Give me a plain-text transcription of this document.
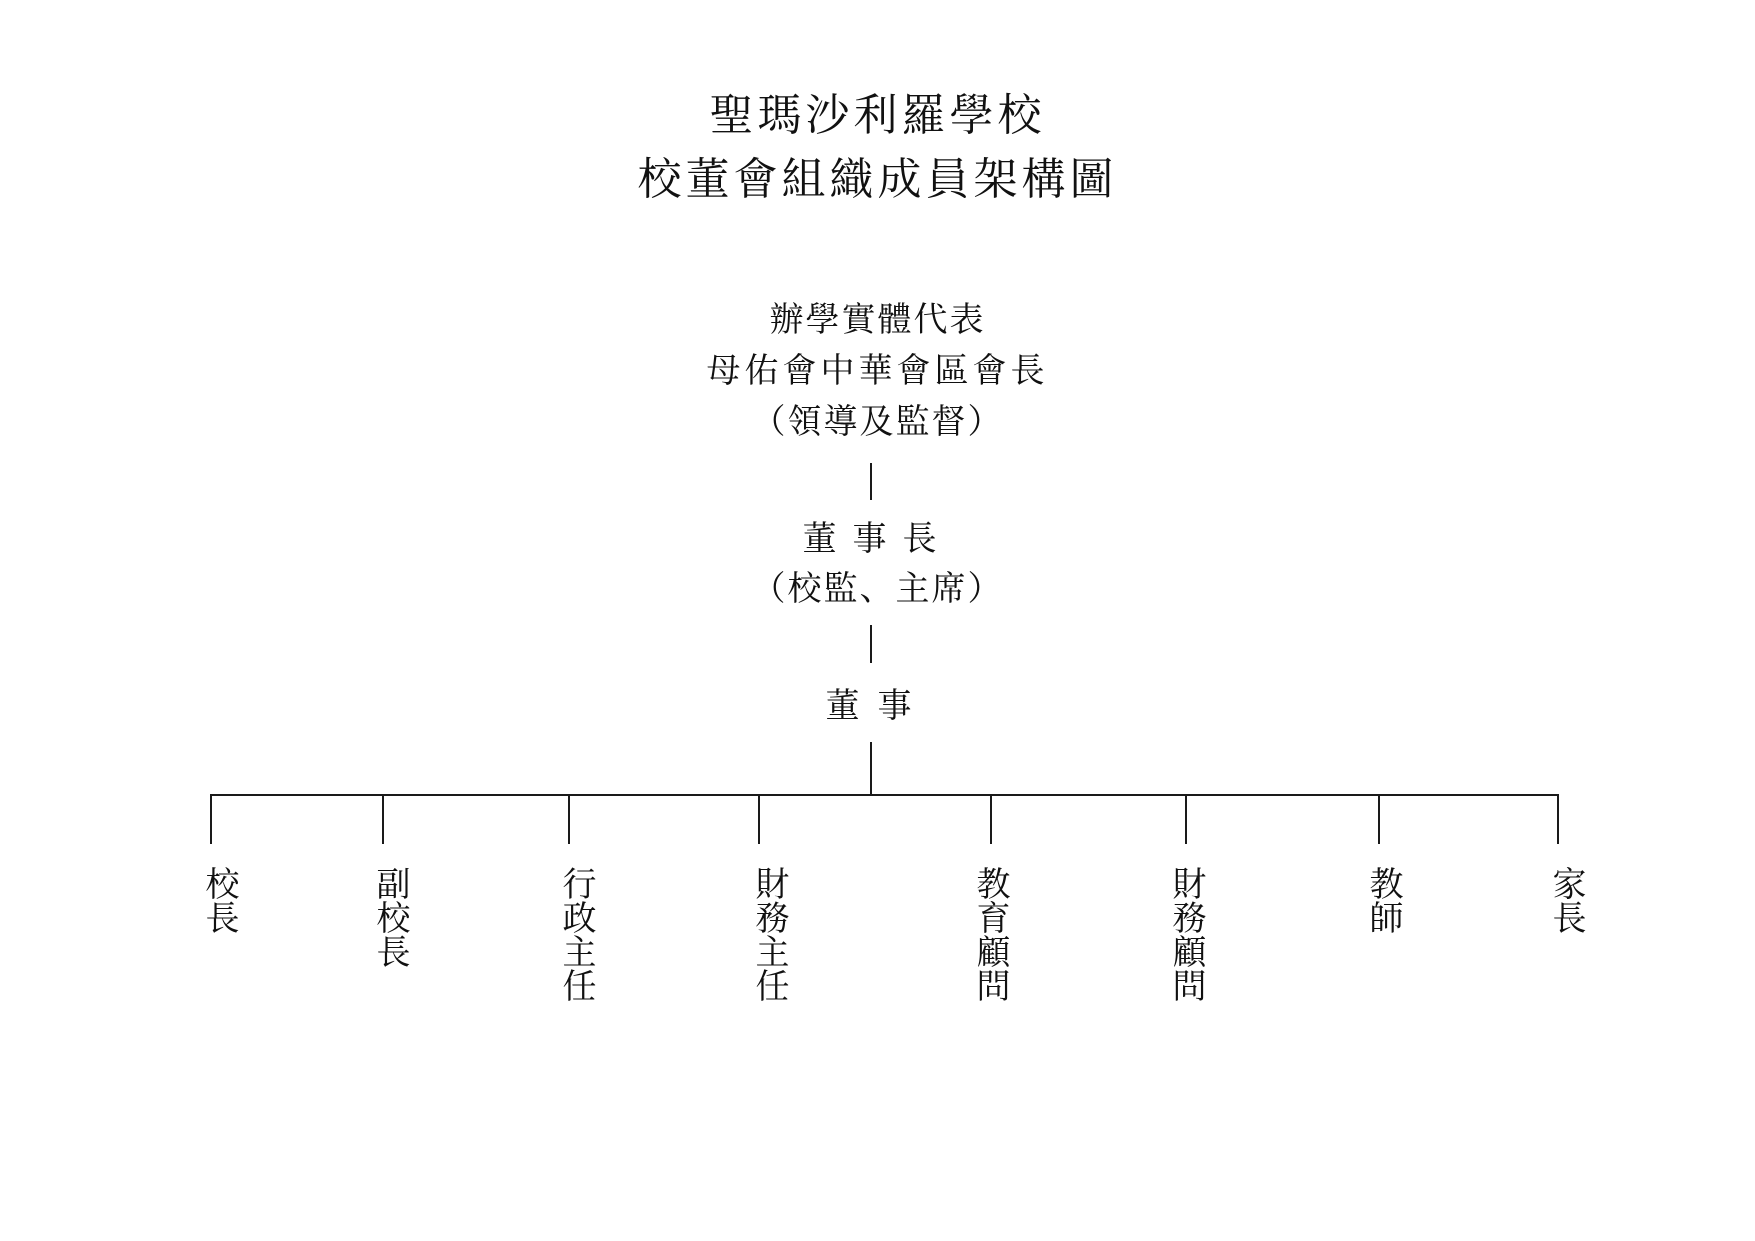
聖瑪沙利羅學校
校董會組織成員架構圖
辦學實體代表
母佑會中華會區會長
（領導及監督）
董事長
（校監、主席）
董事
校長	副校長	行政主任	財務主任	教育顧問	財務顧問	教師	家長
